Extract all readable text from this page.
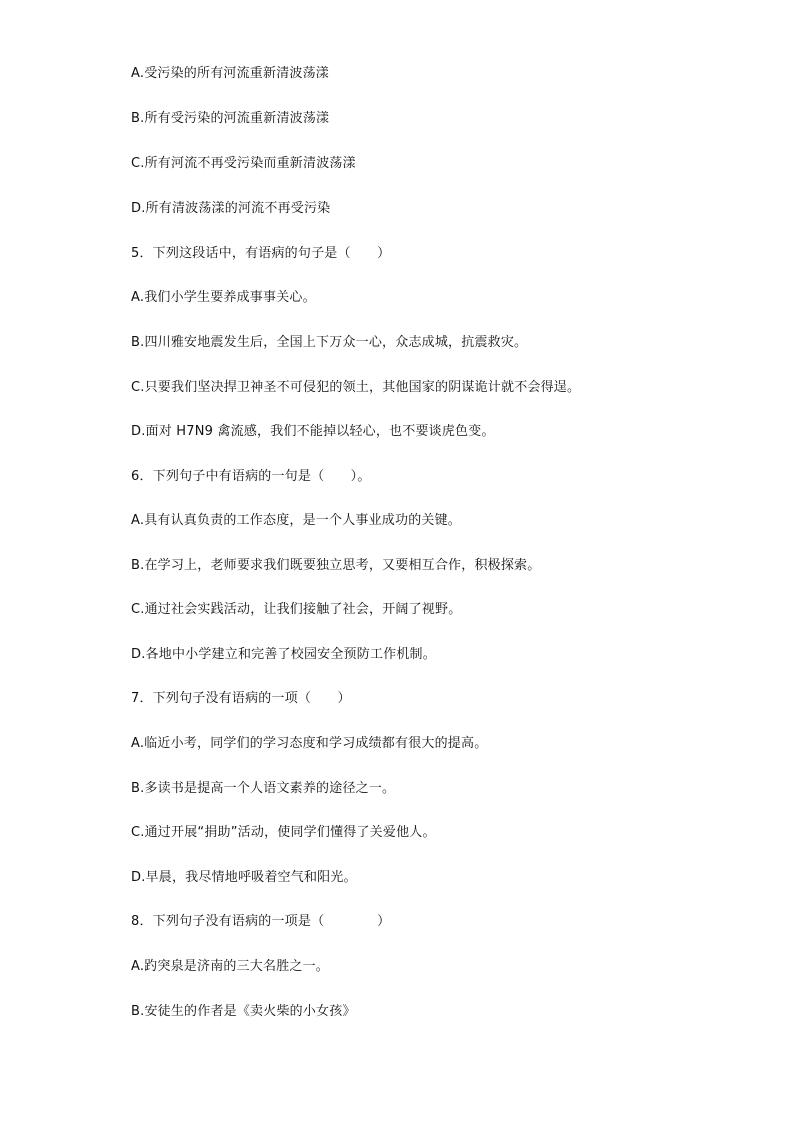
A.受污染的所有河流重新清波荡漾
B.所有受污染的河流重新清波荡漾
C.所有河流不再受污染而重新清波荡漾
D.所有清波荡漾的河流不再受污染
5．下列这段话中，有语病的句子是（　　）
A.我们小学生要养成事事关心。
B.四川雅安地震发生后，全国上下万众一心，众志成城，抗震救灾。
C.只要我们坚决捍卫神圣不可侵犯的领土，其他国家的阴谋诡计就不会得逞。
D.面对 H7N9 禽流感，我们不能掉以轻心，也不要谈虎色变。
6．下列句子中有语病的一句是（　　）。
A.具有认真负责的工作态度，是一个人事业成功的关键。
B.在学习上，老师要求我们既要独立思考，又要相互合作，积极探索。
C.通过社会实践活动，让我们接触了社会，开阔了视野。
D.各地中小学建立和完善了校园安全预防工作机制。
7．下列句子没有语病的一项（　　）
A.临近小考，同学们的学习态度和学习成绩都有很大的提高。
B.多读书是提高一个人语文素养的途径之一。
C.通过开展“捐助”活动，使同学们懂得了关爱他人。
D.早晨，我尽情地呼吸着空气和阳光。
8．下列句子没有语病的一项是（　　　　）
A.趵突泉是济南的三大名胜之一。
B.安徒生的作者是《卖火柴的小女孩》
